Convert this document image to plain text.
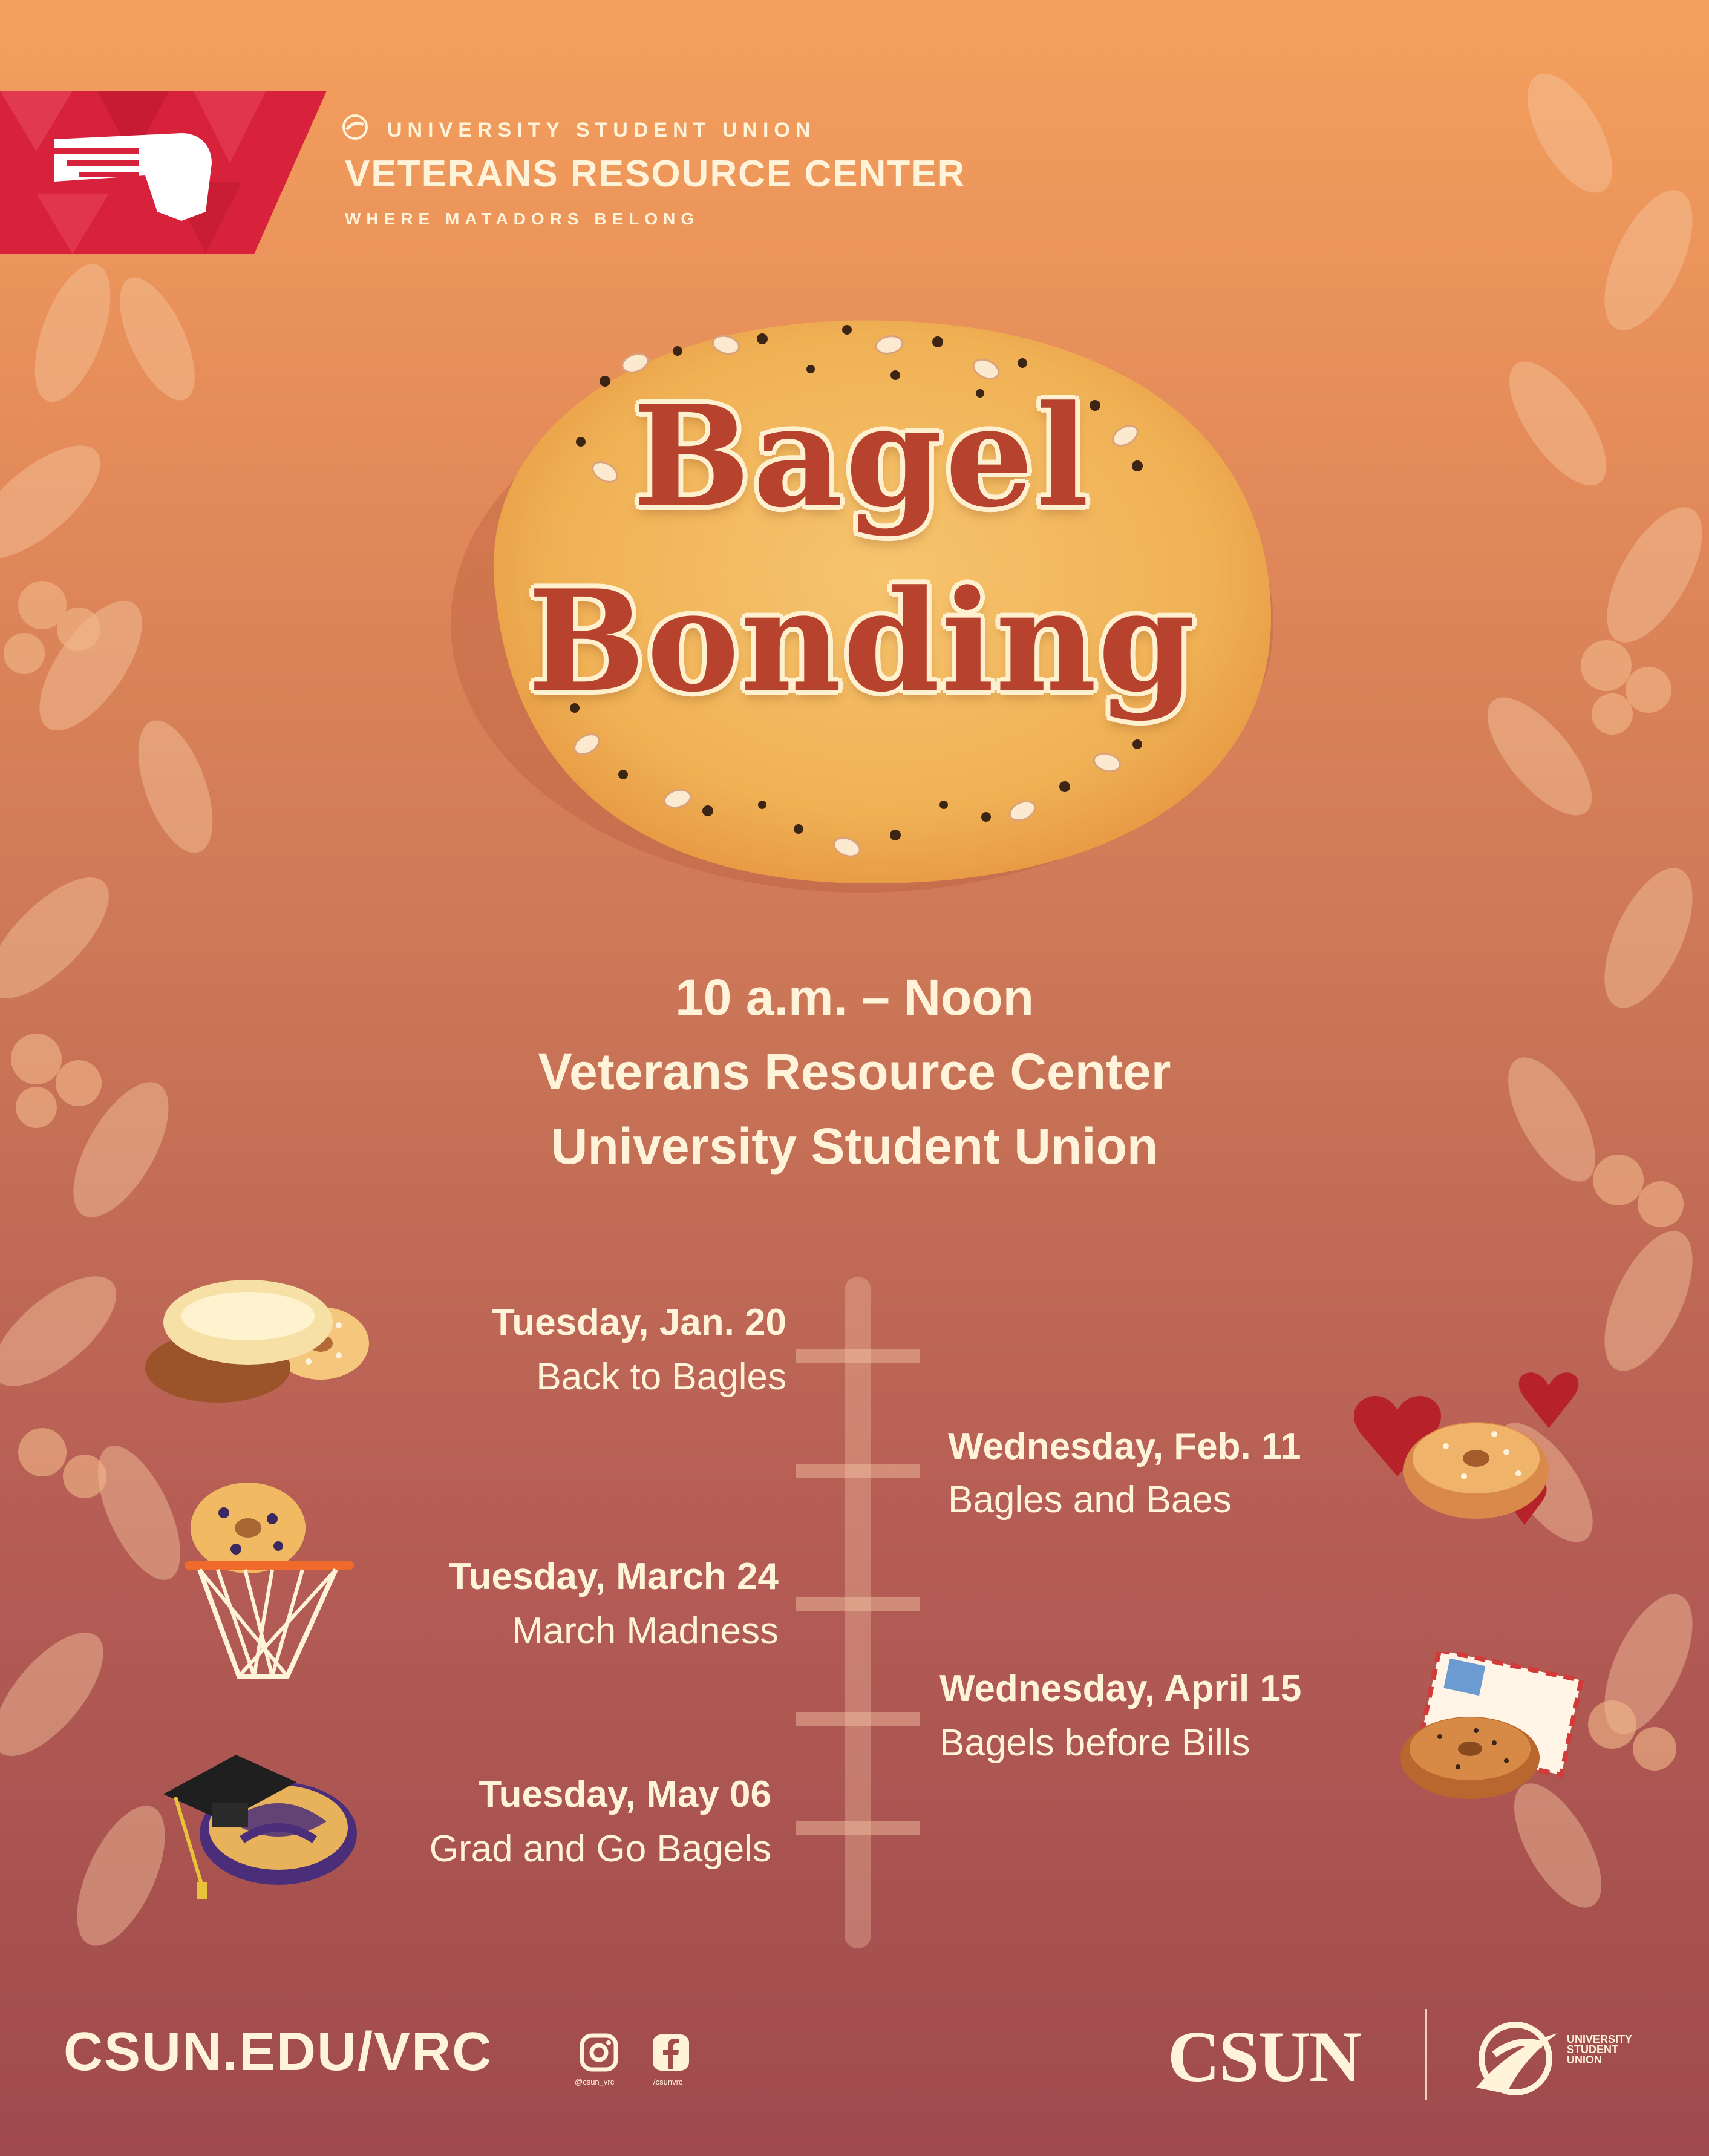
UNIVERSITY STUDENT UNION
VETERANS RESOURCE CENTER
WHERE MATADORS BELONG
Bagel
Bonding
10 a.m. – Noon
Veterans Resource Center
University Student Union
Tuesday, Jan. 20
Back to Bagles
Wednesday, Feb. 11
Bagles and Baes
Tuesday, March 24
March Madness
Wednesday, April 15
Bagels before Bills
Tuesday, May 06
Grad and Go Bagels
CSUN.EDU/VRC	@csun_vrc	/csunvrc	CSUN	UNIVERSITY STUDENT UNION
